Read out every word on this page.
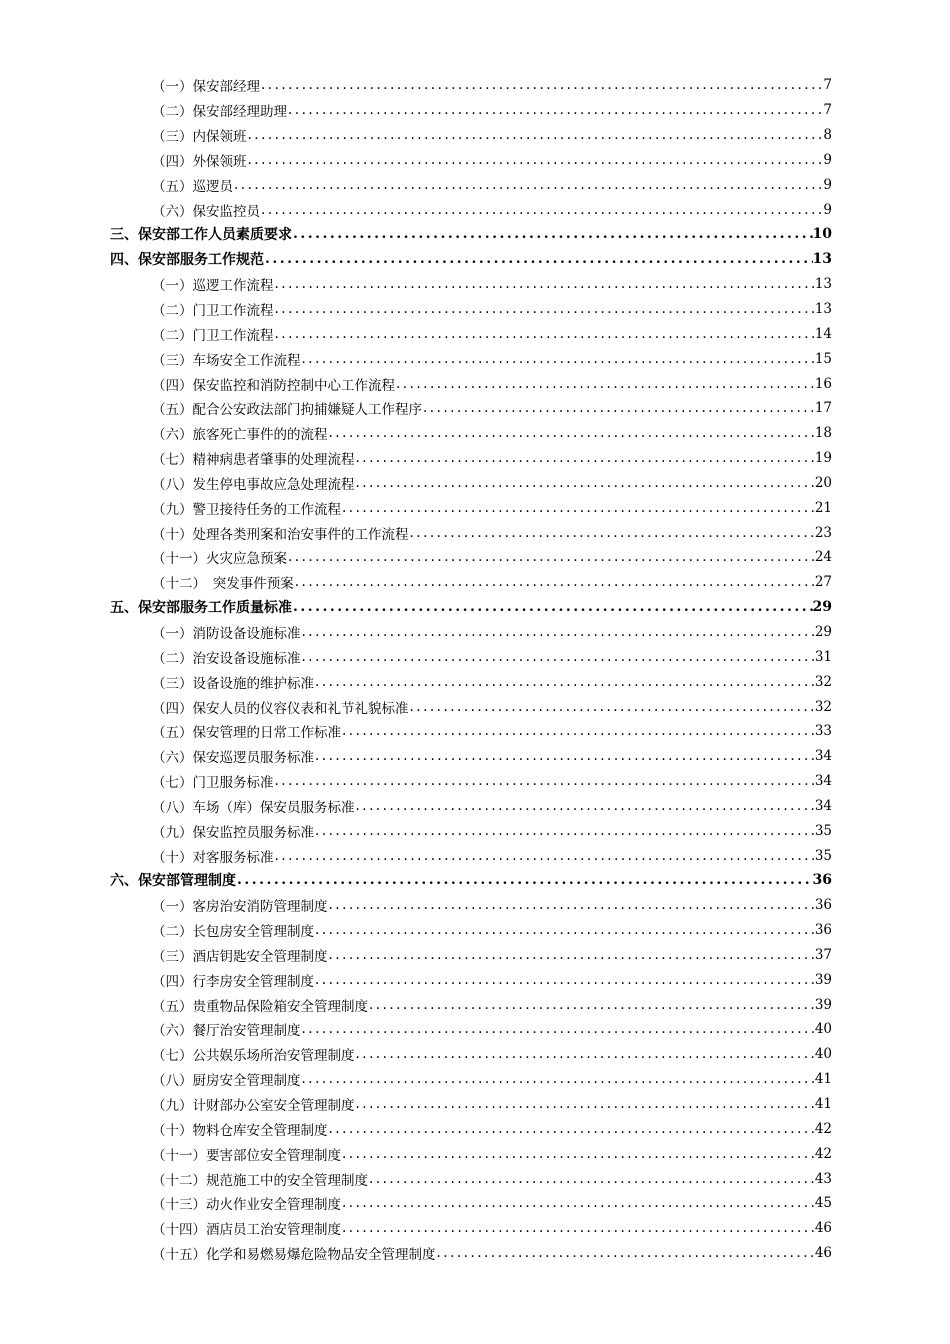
（一）保安部经理 .....	7
（二）保安部经理助理 .....	7
（三）内保领班 .....	8
（四）外保领班 .....	9
（五）巡逻员 .....	9
（六）保安监控员 .....	9
三、保安部工作人员素质要求 .....	10
四、保安部服务工作规范 .....	13
（一）巡逻工作流程 .....	13
（二）门卫工作流程 .....	13
（二）门卫工作流程 .....	14
（三）车场安全工作流程 .....	15
（四）保安监控和消防控制中心工作流程 .....	16
（五）配合公安政法部门拘捕嫌疑人工作程序 .....	17
（六）旅客死亡事件的的流程 .....	18
（七）精神病患者肇事的处理流程 .....	19
（八）发生停电事故应急处理流程 .....	20
（九）警卫接待任务的工作流程 .....	21
（十）处理各类刑案和治安事件的工作流程 .....	23
（十一）火灾应急预案 .....	24
（十二）　突发事件预案 .....	27
五、保安部服务工作质量标准 .....	29
（一）消防设备设施标准 .....	29
（二）治安设备设施标准 .....	31
（三）设备设施的维护标准 .....	32
（四）保安人员的仪容仪表和礼节礼貌标准 .....	32
（五）保安管理的日常工作标准 .....	33
（六）保安巡逻员服务标准 .....	34
（七）门卫服务标准 .....	34
（八）车场（库）保安员服务标准 .....	34
（九）保安监控员服务标准 .....	35
（十）对客服务标准 .....	35
六、保安部管理制度 .....	36
（一）客房治安消防管理制度 .....	36
（二）长包房安全管理制度 .....	36
（三）酒店钥匙安全管理制度 .....	37
（四）行李房安全管理制度 .....	39
（五）贵重物品保险箱安全管理制度 .....	39
（六）餐厅治安管理制度 .....	40
（七）公共娱乐场所治安管理制度 .....	40
（八）厨房安全管理制度 .....	41
（九）计财部办公室安全管理制度 .....	41
（十）物料仓库安全管理制度 .....	42
（十一）要害部位安全管理制度 .....	42
（十二）规范施工中的安全管理制度 .....	43
（十三）动火作业安全管理制度 .....	45
（十四）酒店员工治安管理制度 .....	46
（十五）化学和易燃易爆危险物品安全管理制度 .....	46
